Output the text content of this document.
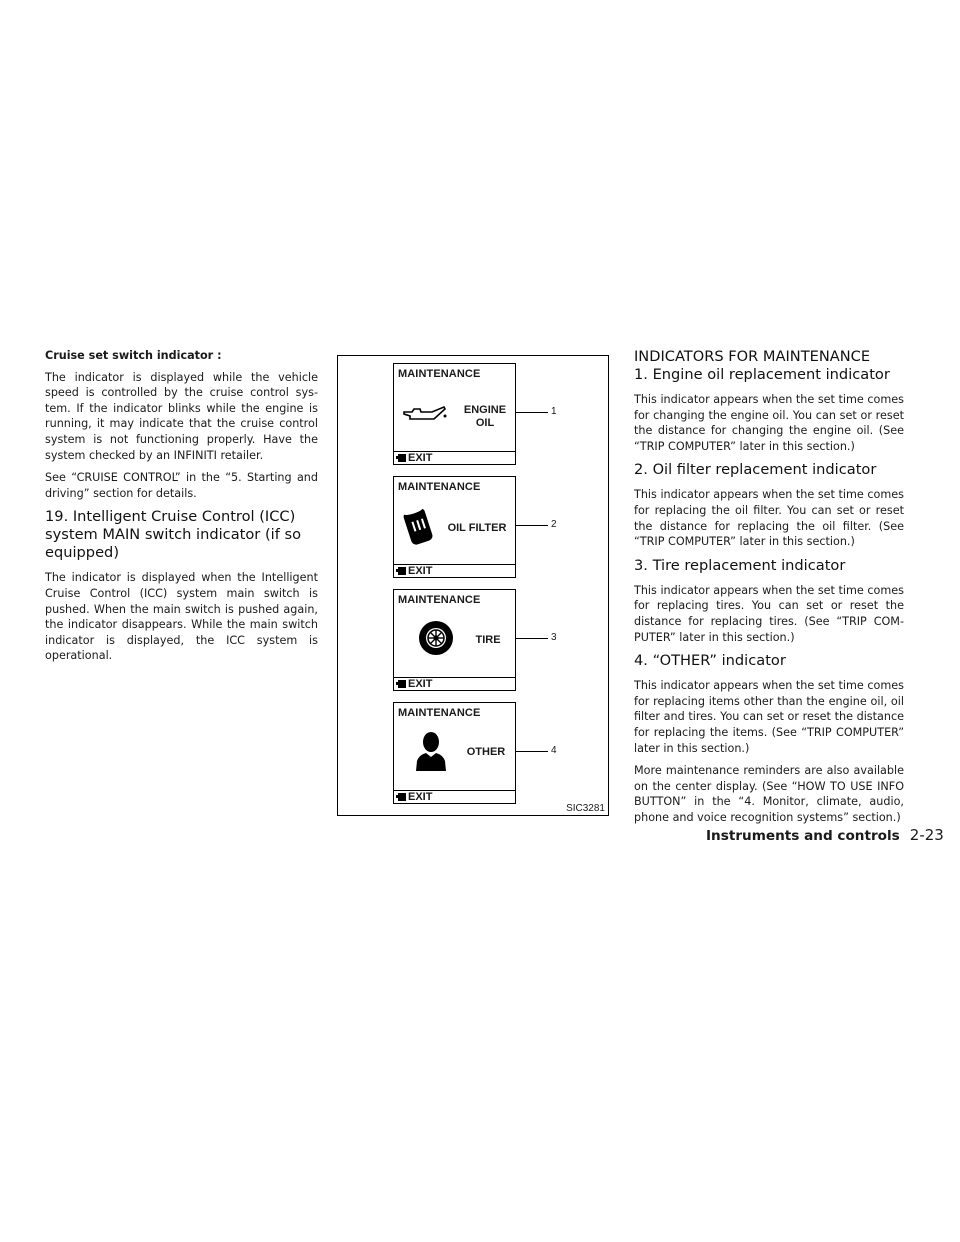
Cruise set switch indicator :

The indicator is displayed while the vehicle speed is controlled by the cruise control sys- tem. If the indicator blinks while the engine is running, it may indicate that the cruise control system is not functioning properly. Have the system checked by an INFINITI retailer.

See “CRUISE CONTROL” in the “5. Starting and driving” section for details.

19. Intelligent Cruise Control (ICC) system MAIN switch indicator (if so equipped)

The indicator is displayed when the Intelligent Cruise Control (ICC) system main switch is pushed. When the main switch is pushed again, the indicator disappears. While the main switch indicator is displayed, the ICC system is operational.

MAINTENANCE
ENGINE
OIL
EXIT
1
MAINTENANCE
OIL FILTER
EXIT
2
MAINTENANCE
TIRE
EXIT
3
MAINTENANCE
OTHER
EXIT
4
SIC3281
INDICATORS FOR MAINTENANCE
1. Engine oil replacement indicator

This indicator appears when the set time comes for changing the engine oil. You can set or reset the distance for changing the engine oil. (See “TRIP COMPUTER” later in this section.)

2. Oil filter replacement indicator

This indicator appears when the set time comes for replacing the oil filter. You can set or reset the distance for replacing the oil filter. (See “TRIP COMPUTER” later in this section.)

3. Tire replacement indicator

This indicator appears when the set time comes for replacing tires. You can set or reset the distance for replacing tires. (See “TRIP COM- PUTER” later in this section.)

4. “OTHER” indicator

This indicator appears when the set time comes for replacing items other than the engine oil, oil filter and tires. You can set or reset the distance for replacing the items. (See “TRIP COMPUTER” later in this section.)

More maintenance reminders are also available on the center display. (See “HOW TO USE INFO BUTTON” in the “4. Monitor, climate, audio, phone and voice recognition systems” section.)

Instruments and controls 2-23
